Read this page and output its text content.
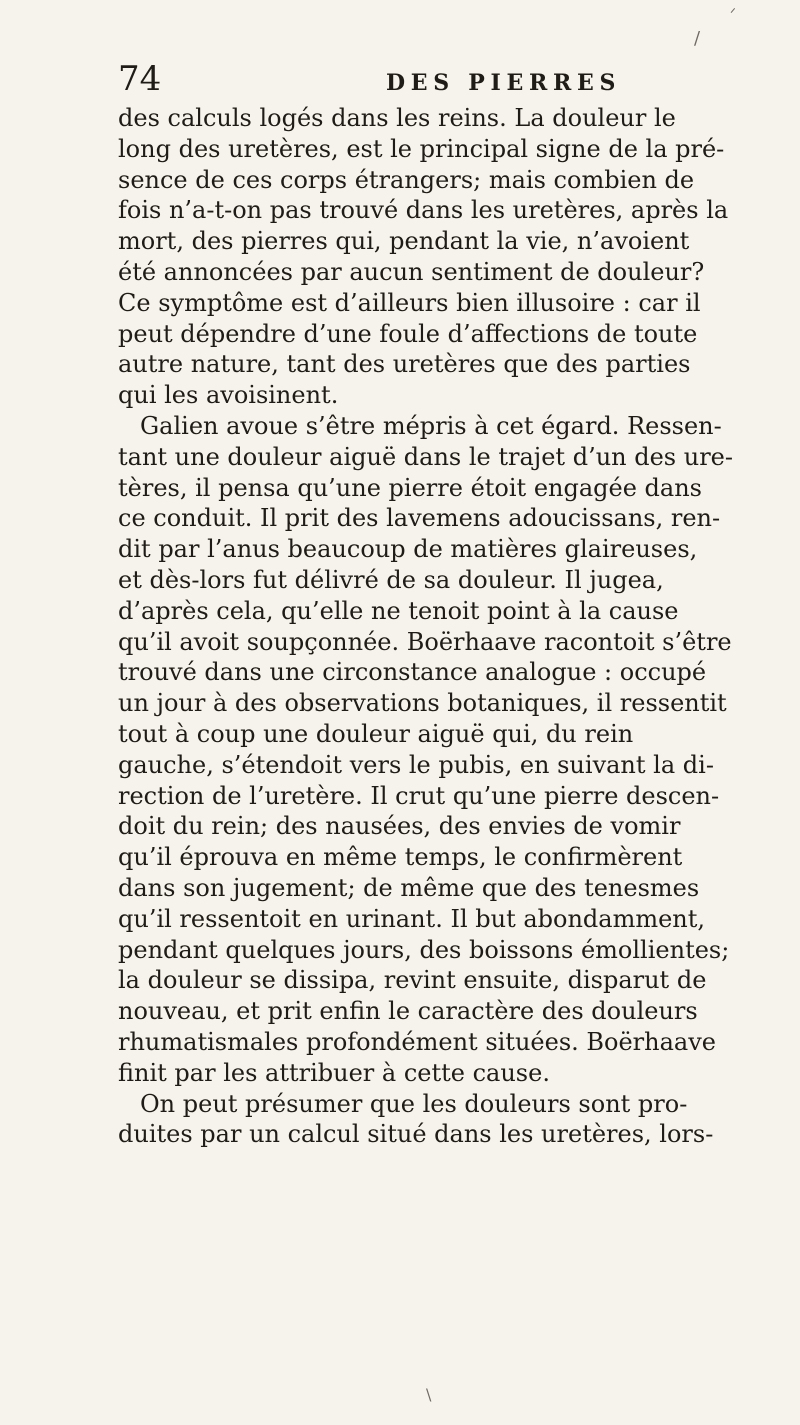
ᐟ
/
74	DES PIERRES
des calculs logés dans les reins. La douleur le
long des uretères, est le principal signe de la pré-
sence de ces corps étrangers; mais combien de
fois n’a-t-on pas trouvé dans les uretères, après la
mort, des pierres qui, pendant la vie, n’avoient
été annoncées par aucun sentiment de douleur?
Ce symptôme est d’ailleurs bien illusoire : car il
peut dépendre d’une foule d’affections de toute
autre nature, tant des uretères que des parties
qui les avoisinent.
Galien avoue s’être mépris à cet égard. Ressen-
tant une douleur aiguë dans le trajet d’un des ure-
tères, il pensa qu’une pierre étoit engagée dans
ce conduit. Il prit des lavemens adoucissans, ren-
dit par l’anus beaucoup de matières glaireuses,
et dès-lors fut délivré de sa douleur. Il jugea,
d’après cela, qu’elle ne tenoit point à la cause
qu’il avoit soupçonnée. Boërhaave racontoit s’être
trouvé dans une circonstance analogue : occupé
un jour à des observations botaniques, il ressentit
tout à coup une douleur aiguë qui, du rein
gauche, s’étendoit vers le pubis, en suivant la di-
rection de l’uretère. Il crut qu’une pierre descen-
doit du rein; des nausées, des envies de vomir
qu’il éprouva en même temps, le confirmèrent
dans son jugement; de même que des tenesmes
qu’il ressentoit en urinant. Il but abondamment,
pendant quelques jours, des boissons émollientes;
la douleur se dissipa, revint ensuite, disparut de
nouveau, et prit enfin le caractère des douleurs
rhumatismales profondément situées. Boërhaave
finit par les attribuer à cette cause.
On peut présumer que les douleurs sont pro-
duites par un calcul situé dans les uretères, lors-
\
